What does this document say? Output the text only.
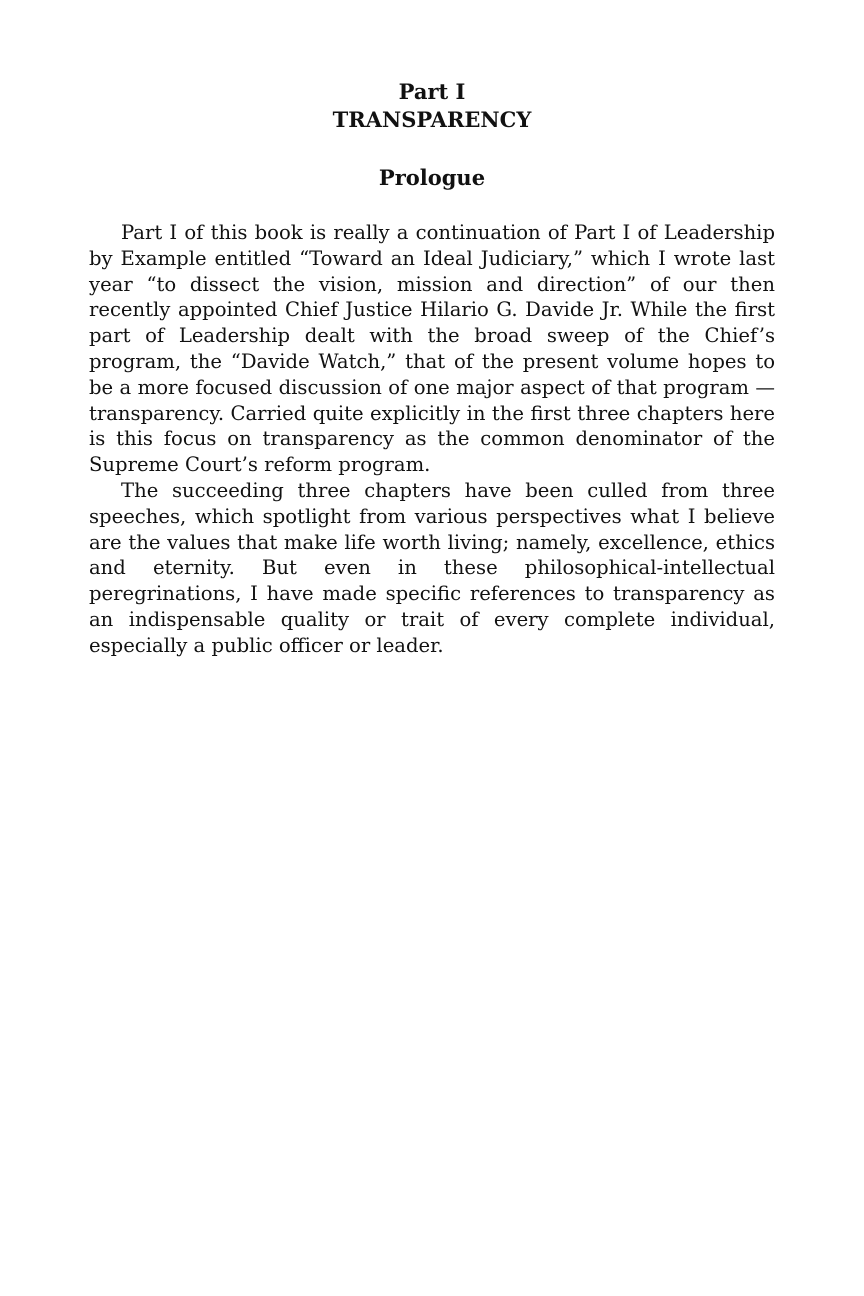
Part I
TRANSPARENCY
Prologue

Part I of this book is really a continuation of Part I of Leadership by Example entitled “Toward an Ideal Judiciary,” which I wrote last year “to dissect the vision, mission and direction” of our then recently appointed Chief Justice Hilario G. Davide Jr. While the first part of Leadership dealt with the broad sweep of the Chief’s program, the “Davide Watch,” that of the present volume hopes to be a more focused discussion of one major aspect of that program — transparency. Carried quite explicitly in the first three chapters here is this focus on transparency as the common denominator of the Supreme Court’s reform program.

The succeeding three chapters have been culled from three speeches, which spotlight from various perspectives what I believe are the values that make life worth living; namely, excellence, ethics and eternity. But even in these philosophical-intellectual peregrinations, I have made specific references to transparency as an indispensable quality or trait of every complete individual, especially a public officer or leader.
